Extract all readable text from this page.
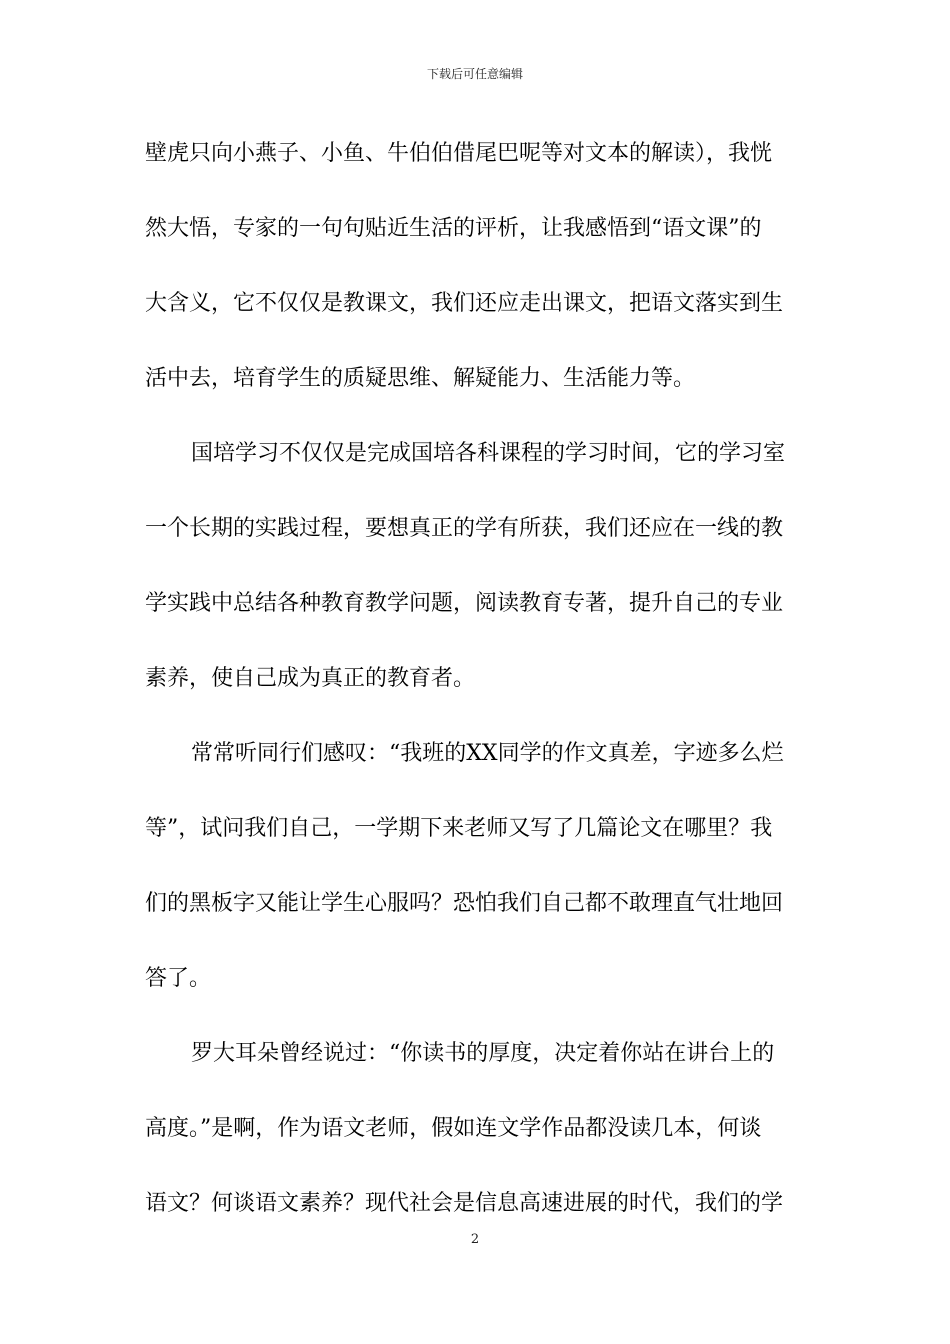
下载后可任意编辑
壁虎只向小燕子、小鱼、牛伯伯借尾巴呢等对文本的解读），我恍
然大悟，专家的一句句贴近生活的评析，让我感悟到“语文课”的
大含义，它不仅仅是教课文，我们还应走出课文，把语文落实到生
活中去，培育学生的质疑思维、解疑能力、生活能力等。
国培学习不仅仅是完成国培各科课程的学习时间，它的学习室
一个长期的实践过程，要想真正的学有所获，我们还应在一线的教
学实践中总结各种教育教学问题，阅读教育专著，提升自己的专业
素养，使自己成为真正的教育者。
常常听同行们感叹：“我班的XX同学的作文真差，字迹多么烂
等”，试问我们自己，一学期下来老师又写了几篇论文在哪里？我
们的黑板字又能让学生心服吗？恐怕我们自己都不敢理直气壮地回
答了。
罗大耳朵曾经说过：“你读书的厚度，决定着你站在讲台上的
高度。”是啊，作为语文老师，假如连文学作品都没读几本，何谈
语文？何谈语文素养？现代社会是信息高速进展的时代，我们的学
2
